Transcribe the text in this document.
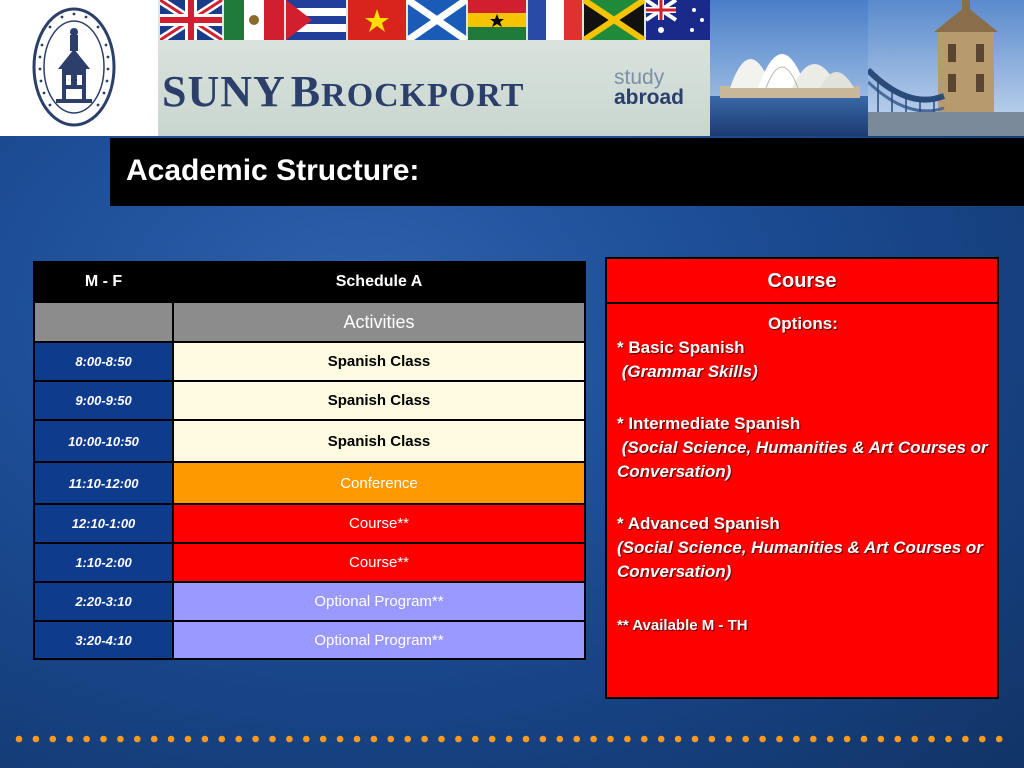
SUNY BROCKPORT	study
abroad
Academic Structure:
M - F	Schedule A
	Activities
8:00-8:50	Spanish Class
9:00-9:50	Spanish Class
10:00-10:50	Spanish Class
11:10-12:00	Conference
12:10-1:00	Course**
1:10-2:00	Course**
2:20-3:10	Optional Program**
3:20-4:10	Optional Program**
Course

Options:

* Basic Spanish

(Grammar Skills)

* Intermediate Spanish

(Social Science, Humanities & Art Courses or Conversation)

* Advanced Spanish

(Social Science, Humanities & Art Courses or Conversation)

** Available M - TH
